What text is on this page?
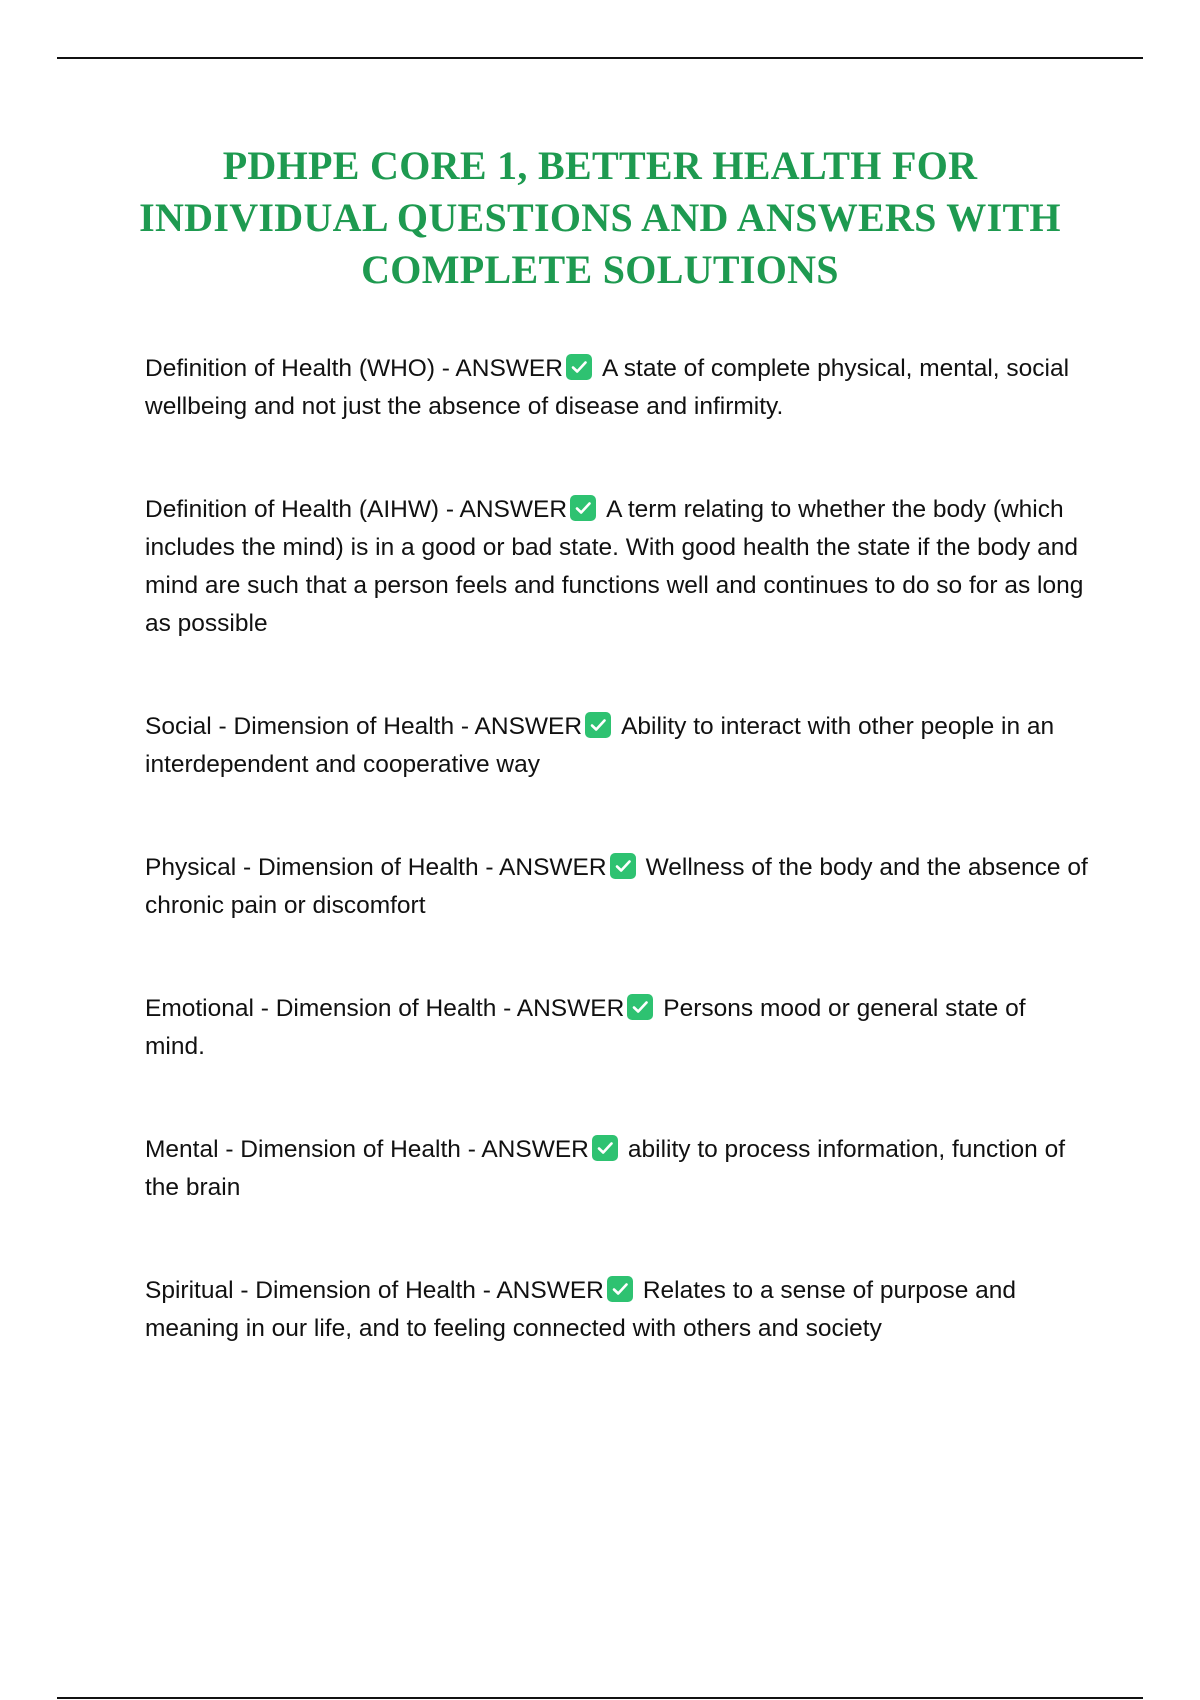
PDHPE CORE 1, BETTER HEALTH FOR INDIVIDUAL QUESTIONS AND ANSWERS WITH COMPLETE SOLUTIONS

Definition of Health (WHO) - ANSWER A state of complete physical, mental, social wellbeing and not just the absence of disease and infirmity.

Definition of Health (AIHW) - ANSWER A term relating to whether the body (which includes the mind) is in a good or bad state. With good health the state if the body and mind are such that a person feels and functions well and continues to do so for as long as possible

Social - Dimension of Health - ANSWER Ability to interact with other people in an interdependent and cooperative way

Physical - Dimension of Health - ANSWER Wellness of the body and the absence of chronic pain or discomfort

Emotional - Dimension of Health - ANSWER Persons mood or general state of mind.

Mental - Dimension of Health - ANSWER ability to process information, function of the brain

Spiritual - Dimension of Health - ANSWER Relates to a sense of purpose and meaning in our life, and to feeling connected with others and society
